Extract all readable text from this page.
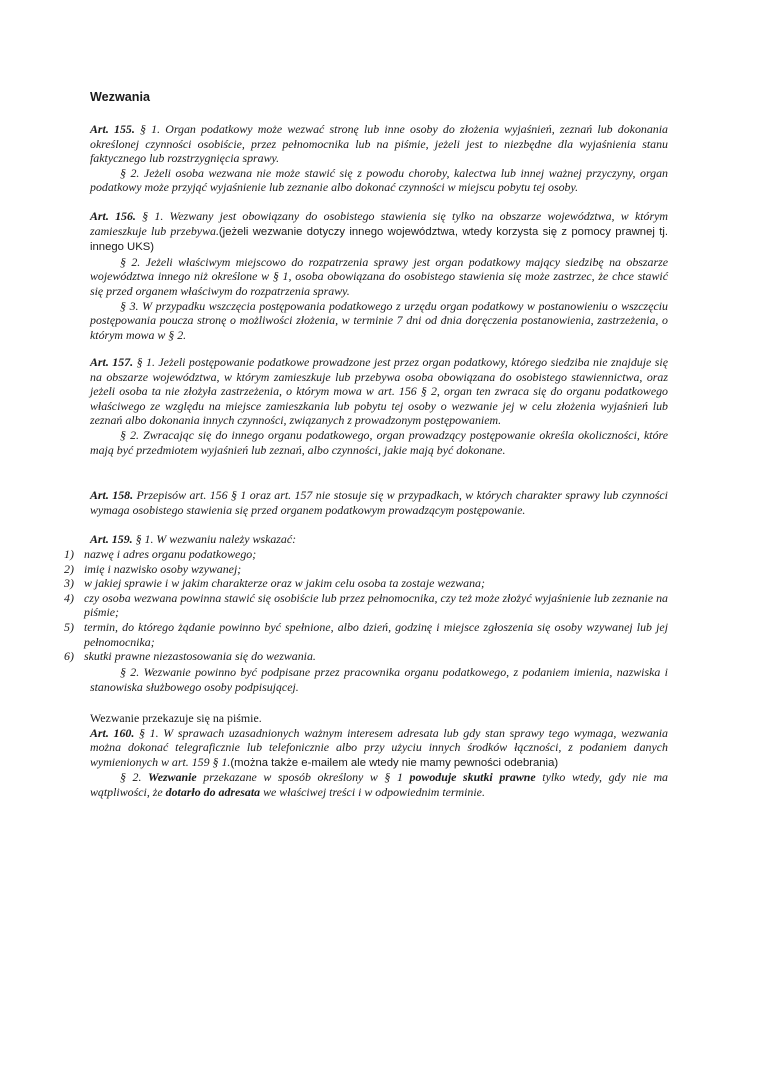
Wezwania

Art. 155. § 1. Organ podatkowy może wezwać stronę lub inne osoby do złożenia wyjaśnień, zeznań lub dokonania określonej czynności osobiście, przez pełnomocnika lub na piśmie, jeżeli jest to niezbędne dla wyjaśnienia stanu faktycznego lub rozstrzygnięcia sprawy.

§ 2. Jeżeli osoba wezwana nie może stawić się z powodu choroby, kalectwa lub innej ważnej przyczyny, organ podatkowy może przyjąć wyjaśnienie lub zeznanie albo dokonać czynności w miejscu pobytu tej osoby.

Art. 156. § 1. Wezwany jest obowiązany do osobistego stawienia się tylko na obszarze województwa, w którym zamieszkuje lub przebywa.(jeżeli wezwanie dotyczy innego województwa, wtedy korzysta się z pomocy prawnej tj. innego UKS)

§ 2. Jeżeli właściwym miejscowo do rozpatrzenia sprawy jest organ podatkowy mający siedzibę na obszarze województwa innego niż określone w § 1, osoba obowiązana do osobistego stawienia się może zastrzec, że chce stawić się przed organem właściwym do rozpatrzenia sprawy.

§ 3. W przypadku wszczęcia postępowania podatkowego z urzędu organ podatkowy w postanowieniu o wszczęciu postępowania poucza stronę o możliwości złożenia, w terminie 7 dni od dnia doręczenia postanowienia, zastrzeżenia, o którym mowa w § 2.

Art. 157. § 1. Jeżeli postępowanie podatkowe prowadzone jest przez organ podatkowy, którego siedziba nie znajduje się na obszarze województwa, w którym zamieszkuje lub przebywa osoba obowiązana do osobistego stawiennictwa, oraz jeżeli osoba ta nie złożyła zastrzeżenia, o którym mowa w art. 156 § 2, organ ten zwraca się do organu podatkowego właściwego ze względu na miejsce zamieszkania lub pobytu tej osoby o wezwanie jej w celu złożenia wyjaśnień lub zeznań albo dokonania innych czynności, związanych z prowadzonym postępowaniem.

§ 2. Zwracając się do innego organu podatkowego, organ prowadzący postępowanie określa okoliczności, które mają być przedmiotem wyjaśnień lub zeznań, albo czynności, jakie mają być dokonane.

Art. 158. Przepisów art. 156 § 1 oraz art. 157 nie stosuje się w przypadkach, w których charakter sprawy lub czynności wymaga osobistego stawienia się przed organem podatkowym prowadzącym postępowanie.

Art. 159. § 1. W wezwaniu należy wskazać:

1) nazwę i adres organu podatkowego;
2) imię i nazwisko osoby wzywanej;
3) w jakiej sprawie i w jakim charakterze oraz w jakim celu osoba ta zostaje wezwana;
4) czy osoba wezwana powinna stawić się osobiście lub przez pełnomocnika, czy też może złożyć wyjaśnienie lub zeznanie na piśmie;
5) termin, do którego żądanie powinno być spełnione, albo dzień, godzinę i miejsce zgłoszenia się osoby wzywanej lub jej pełnomocnika;
6) skutki prawne niezastosowania się do wezwania.

§ 2. Wezwanie powinno być podpisane przez pracownika organu podatkowego, z podaniem imienia, nazwiska i stanowiska służbowego osoby podpisującej.

Wezwanie przekazuje się na piśmie.

Art. 160. § 1. W sprawach uzasadnionych ważnym interesem adresata lub gdy stan sprawy tego wymaga, wezwania można dokonać telegraficznie lub telefonicznie albo przy użyciu innych środków łączności, z podaniem danych wymienionych w art. 159 § 1.(można także e-mailem ale wtedy nie mamy pewności odebrania)

§ 2. Wezwanie przekazane w sposób określony w § 1 powoduje skutki prawne tylko wtedy, gdy nie ma wątpliwości, że dotarło do adresata we właściwej treści i w odpowiednim terminie.
